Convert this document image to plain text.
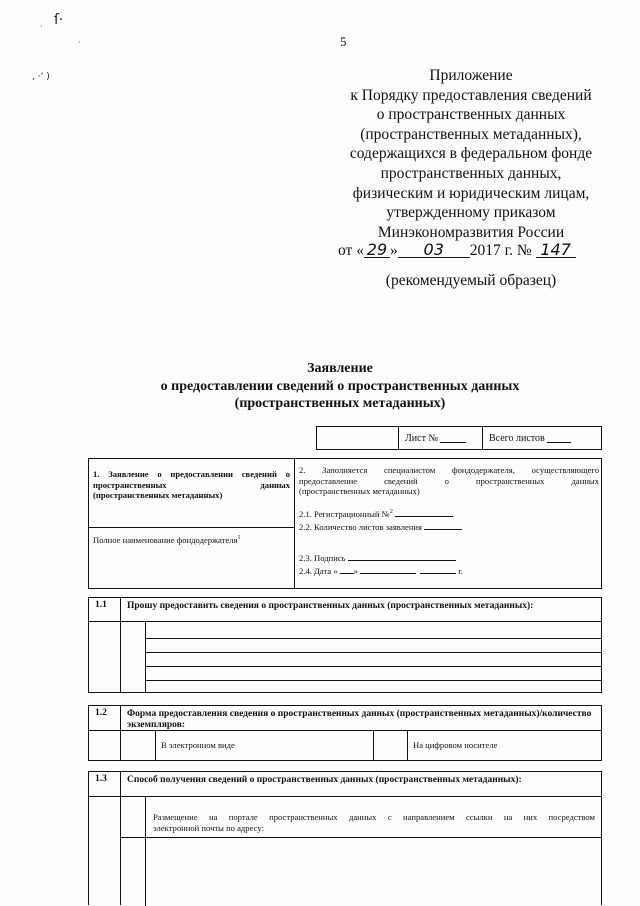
ſ·
·
·
‚ ·ʻ )
5
Приложение
к Порядку предоставления сведений
о пространственных данных
(пространственных метаданных),
содержащихся в федеральном фонде
пространственных данных,
физическим и юридическим лицам,
утвержденному приказом
Минэкономразвития России
от « 29 » 03 2017 г. № 147
(рекомендуемый образец)
Заявление
о предоставлении сведений о пространственных данных
(пространственных метаданных)
Лист №	Всего листов
1. Заявление о предоставлении сведений о
пространственных данных
(пространственных метаданных)
Полное наименование фондодержателя$^1$
2. Заполняется специалистом фондодержателя, осуществляющего
предоставление сведений о пространственных данных
(пространственных метаданных)
2.1. Регистрационный №$^2$
2.2. Количество листов заявления
2.3. Подпись
2.4. Дата « »	г.
1.1	Прошу предоставить сведения о пространственных данных (пространственных метаданных):
1.2	Форма предоставления сведения о пространственных данных (пространственных метаданных)/количество
экземпляров:
В электронном виде	На цифровом носителе
1.3	Способ получения сведений о пространственных данных (пространственных метаданных):
Размещение на портале пространственных данных с направлением ссылки на них посредством
электронной почты по адресу:
